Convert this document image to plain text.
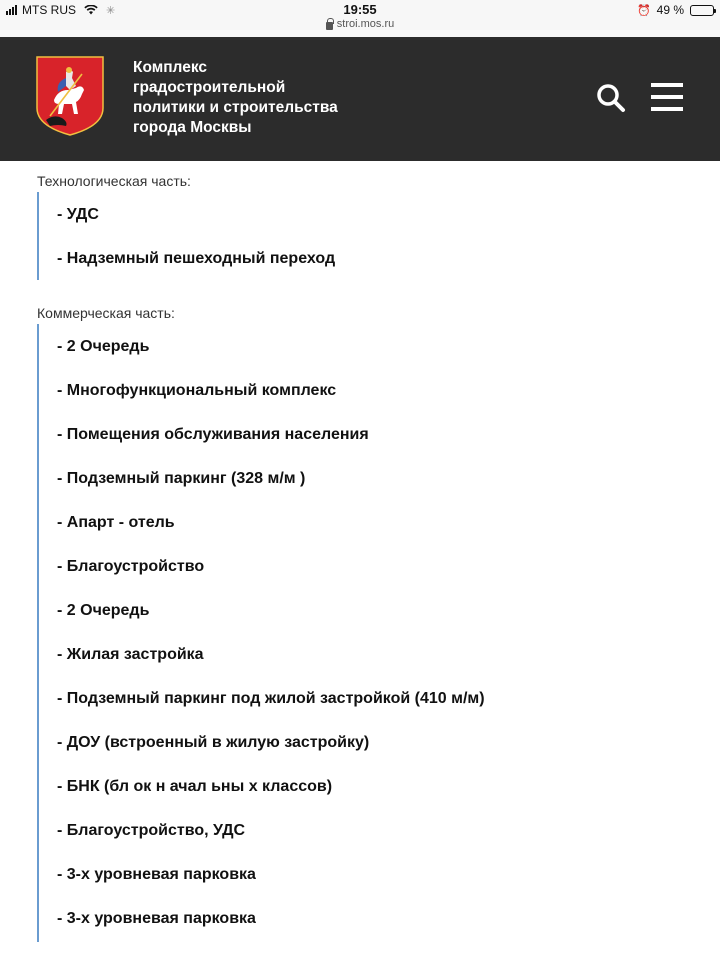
MTS RUS	✳	19:55
stroi.mos.ru
⏰ 49 %
Комплекс
градостроительной
политики и строительства
города Москвы
Технологическая часть:
- УДС
- Надземный пешеходный переход
Коммерческая часть:
- 2 Очередь
- Многофункциональный комплекс
- Помещения обслуживания населения
- Подземный паркинг (328 м/м )
- Апарт - отель
- Благоустройство
- 2 Очередь
- Жилая застройка
- Подземный паркинг под жилой застройкой (410 м/м)
- ДОУ (встроенный в жилую застройку)
- БНК (бл ок н ачал ьны х классов)
- Благоустройство, УДС
- 3-х уровневая парковка
- 3-х уровневая парковка
